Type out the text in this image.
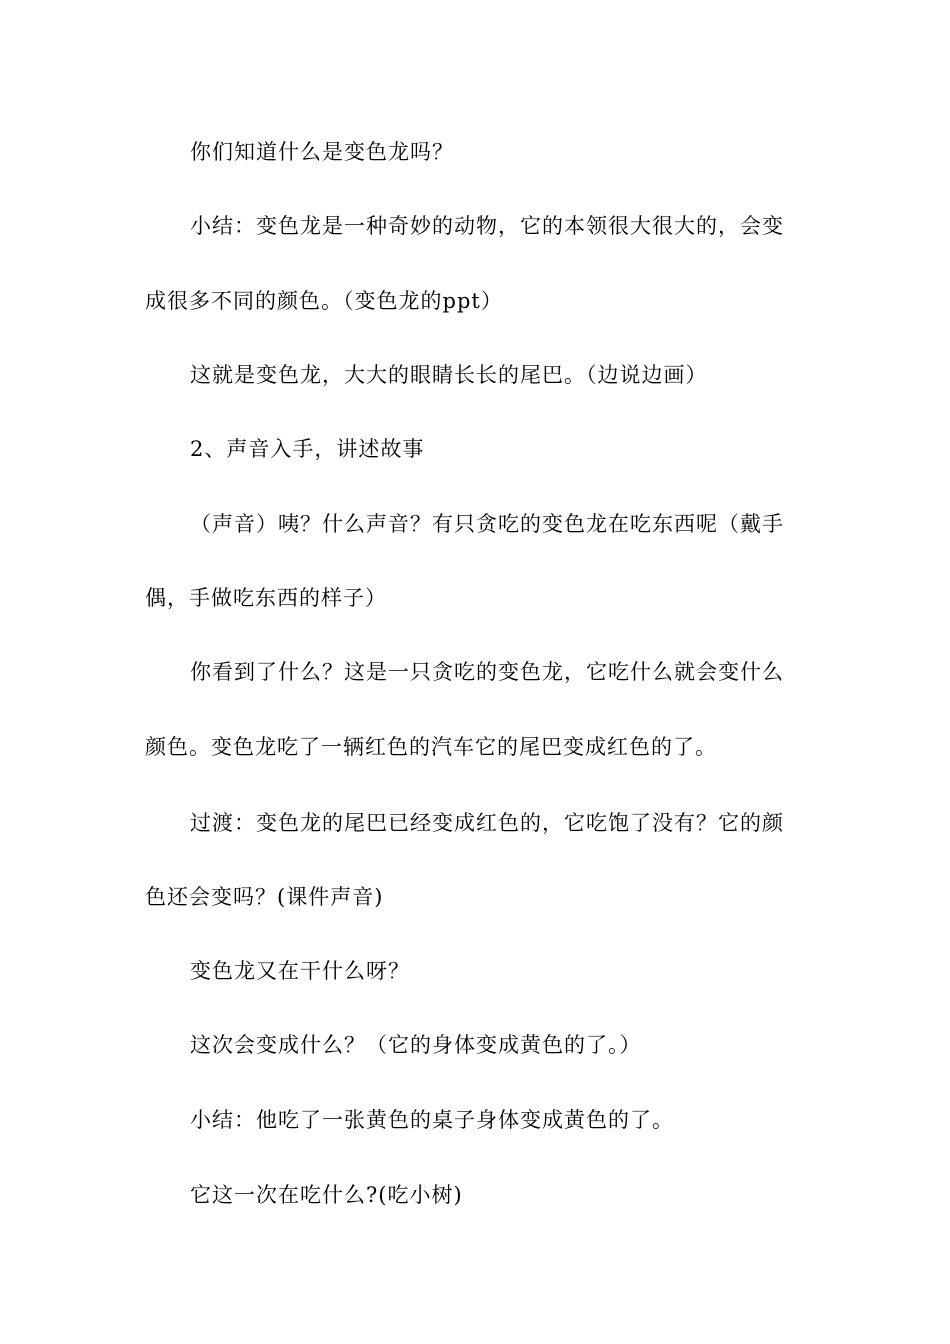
你们知道什么是变色龙吗？
小结：变色龙是一种奇妙的动物，它的本领很大很大的，会变
成很多不同的颜色。（变色龙的ppt）
这就是变色龙，大大的眼睛长长的尾巴。（边说边画）
2、声音入手，讲述故事
（声音）咦？什么声音？有只贪吃的变色龙在吃东西呢（戴手
偶，手做吃东西的样子）
你看到了什么？这是一只贪吃的变色龙，它吃什么就会变什么
颜色。变色龙吃了一辆红色的汽车它的尾巴变成红色的了。
过渡：变色龙的尾巴已经变成红色的，它吃饱了没有？它的颜
色还会变吗？(课件声音)
变色龙又在干什么呀？
这次会变成什么？（它的身体变成黄色的了。）
小结：他吃了一张黄色的桌子身体变成黄色的了。
它这一次在吃什么?(吃小树)
